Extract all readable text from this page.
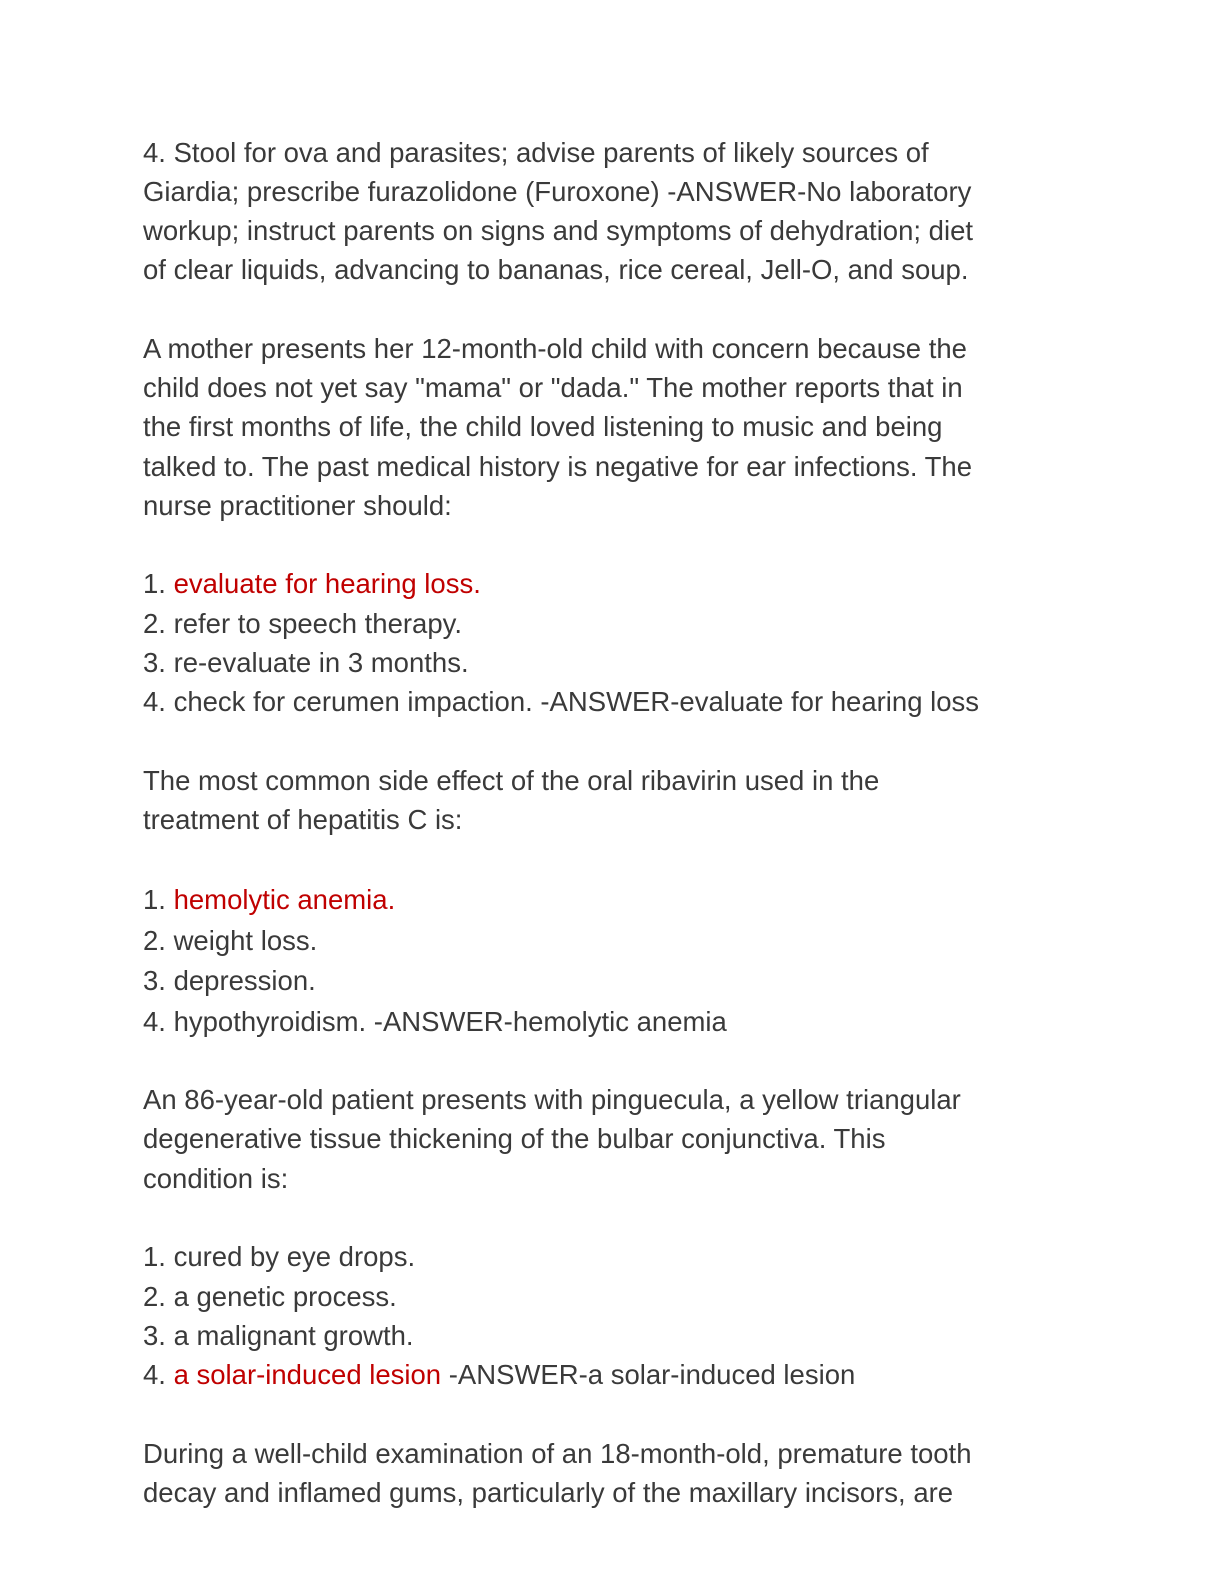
4. Stool for ova and parasites; advise parents of likely sources of
Giardia; prescribe furazolidone (Furoxone) -ANSWER-No laboratory
workup; instruct parents on signs and symptoms of dehydration; diet
of clear liquids, advancing to bananas, rice cereal, Jell-O, and soup.
A mother presents her 12-month-old child with concern because the
child does not yet say "mama" or "dada." The mother reports that in
the first months of life, the child loved listening to music and being
talked to. The past medical history is negative for ear infections. The
nurse practitioner should:
1. evaluate for hearing loss.
2. refer to speech therapy.
3. re-evaluate in 3 months.
4. check for cerumen impaction. -ANSWER-evaluate for hearing loss
The most common side effect of the oral ribavirin used in the
treatment of hepatitis C is:
1. hemolytic anemia.
2. weight loss.
3. depression.
4. hypothyroidism. -ANSWER-hemolytic anemia
An 86-year-old patient presents with pinguecula, a yellow triangular
degenerative tissue thickening of the bulbar conjunctiva. This
condition is:
1. cured by eye drops.
2. a genetic process.
3. a malignant growth.
4. a solar-induced lesion -ANSWER-a solar-induced lesion
During a well-child examination of an 18-month-old, premature tooth
decay and inflamed gums, particularly of the maxillary incisors, are
